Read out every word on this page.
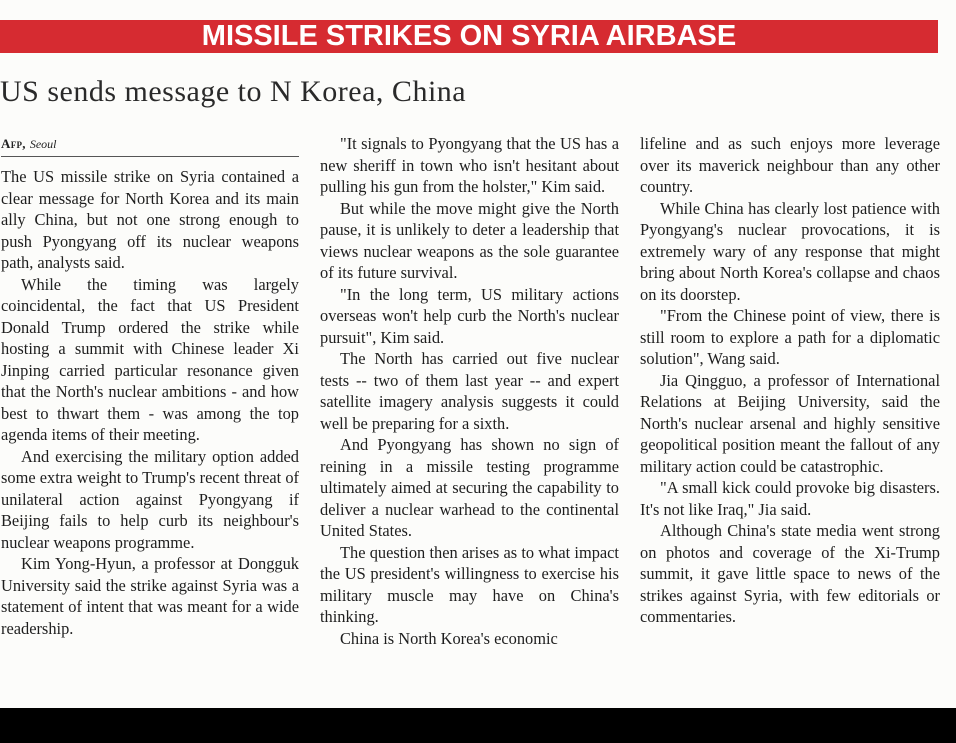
MISSILE STRIKES ON SYRIA AIRBASE
US sends message to N Korea, China
Afp, Seoul

The US missile strike on Syria contained a clear message for North Korea and its main ally China, but not one strong enough to push Pyongyang off its nuclear weapons path, analysts said.

While the timing was largely coincidental, the fact that US President Donald Trump ordered the strike while hosting a summit with Chinese leader Xi Jinping carried particular resonance given that the North's nuclear ambitions - and how best to thwart them - was among the top agenda items of their meeting.

And exercising the military option added some extra weight to Trump's recent threat of unilateral action against Pyongyang if Beijing fails to help curb its neighbour's nuclear weapons programme.

Kim Yong-Hyun, a professor at Dongguk University said the strike against Syria was a statement of intent that was meant for a wide readership.

"It signals to Pyongyang that the US has a new sheriff in town who isn't hesitant about pulling his gun from the holster," Kim said.

But while the move might give the North pause, it is unlikely to deter a leadership that views nuclear weapons as the sole guarantee of its future survival.

"In the long term, US military actions overseas won't help curb the North's nuclear pursuit", Kim said.

The North has carried out five nuclear tests -- two of them last year -- and expert satellite imagery analysis suggests it could well be preparing for a sixth.

And Pyongyang has shown no sign of reining in a missile testing programme ultimately aimed at securing the capability to deliver a nuclear warhead to the continental United States.

The question then arises as to what impact the US president's willingness to exercise his military muscle may have on China's thinking.

China is North Korea's economic

lifeline and as such enjoys more leverage over its maverick neighbour than any other country.

While China has clearly lost patience with Pyongyang's nuclear provocations, it is extremely wary of any response that might bring about North Korea's collapse and chaos on its doorstep.

"From the Chinese point of view, there is still room to explore a path for a diplomatic solution", Wang said.

Jia Qingguo, a professor of International Relations at Beijing University, said the North's nuclear arsenal and highly sensitive geopolitical position meant the fallout of any military action could be catastrophic.

"A small kick could provoke big disasters. It's not like Iraq," Jia said.

Although China's state media went strong on photos and coverage of the Xi-Trump summit, it gave little space to news of the strikes against Syria, with few editorials or commentaries.
